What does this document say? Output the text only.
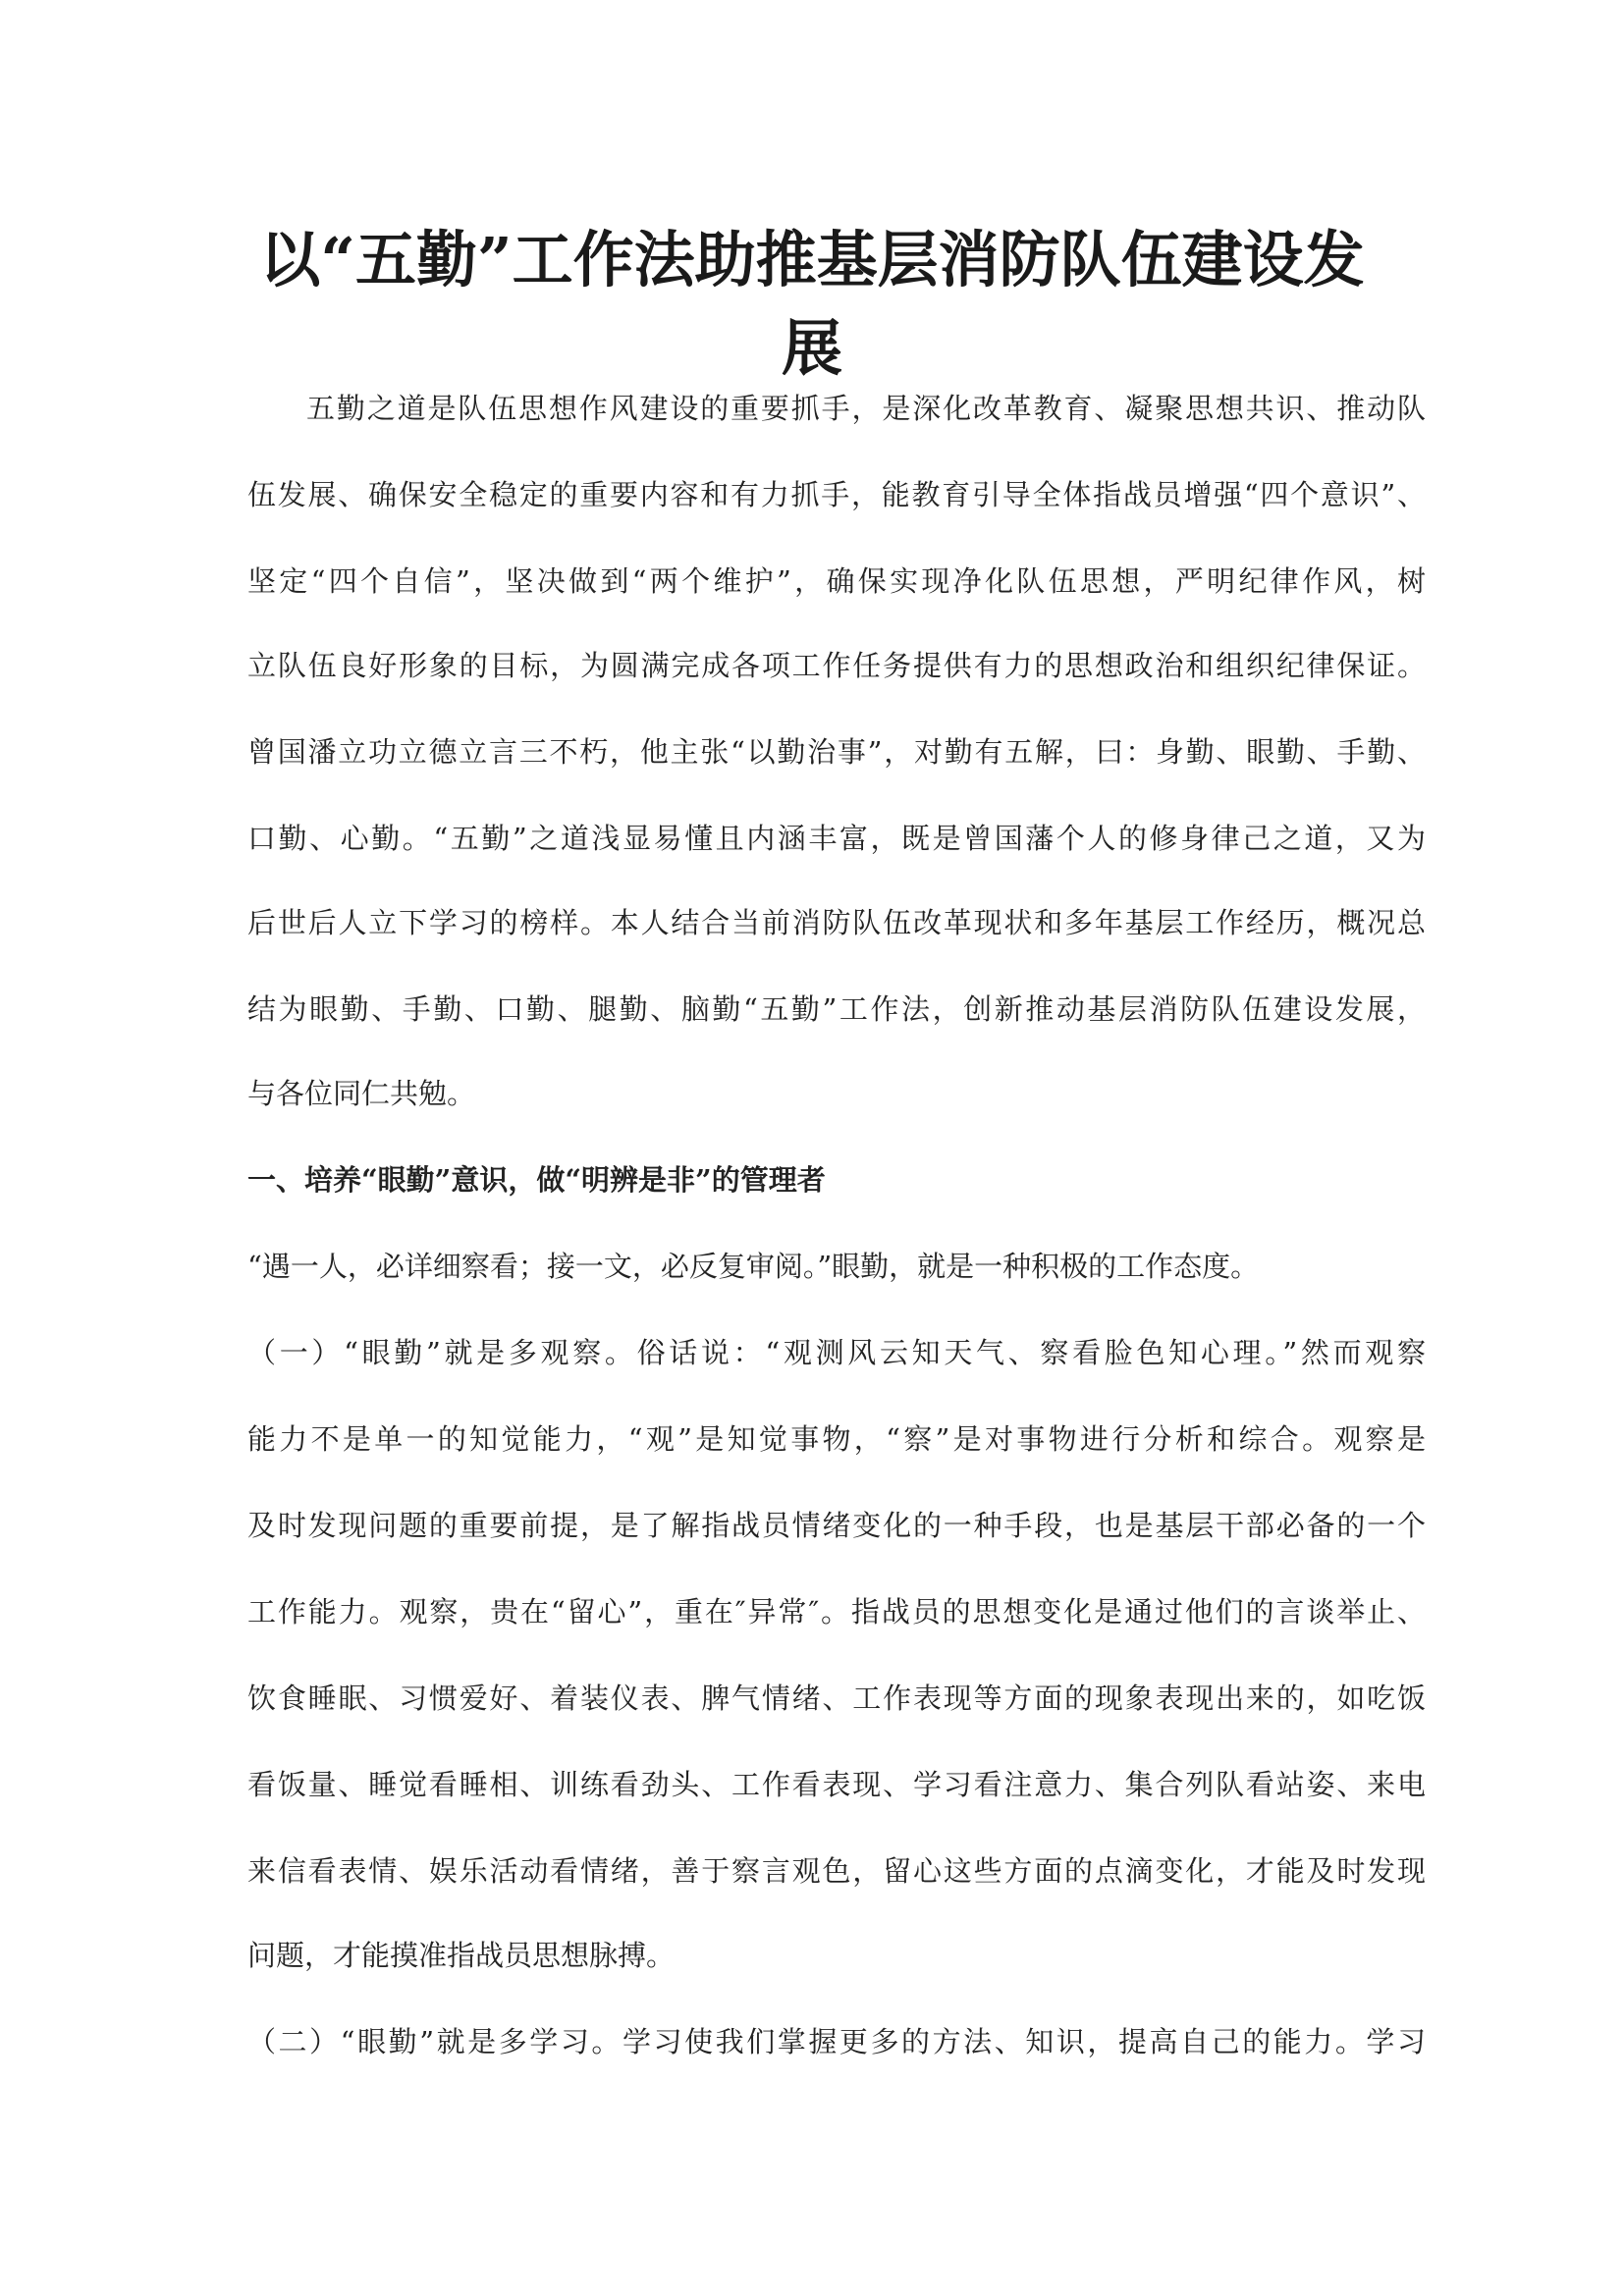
以“五勤”工作法助推基层消防队伍建设发
展
五勤之道是队伍思想作风建设的重要抓手，是深化改革教育、凝聚思想共识、推动队
伍发展、确保安全稳定的重要内容和有力抓手，能教育引导全体指战员增强“四个意识”、
坚定“四个自信”，坚决做到“两个维护”，确保实现净化队伍思想，严明纪律作风，树
立队伍良好形象的目标，为圆满完成各项工作任务提供有力的思想政治和组织纪律保证。
曾国潘立功立德立言三不朽，他主张“以勤治事”，对勤有五解，曰：身勤、眼勤、手勤、
口勤、心勤。“五勤”之道浅显易懂且内涵丰富，既是曾国藩个人的修身律己之道，又为
后世后人立下学习的榜样。本人结合当前消防队伍改革现状和多年基层工作经历，概况总
结为眼勤、手勤、口勤、腿勤、脑勤“五勤”工作法，创新推动基层消防队伍建设发展，
与各位同仁共勉。
一、培养“眼勤”意识，做“明辨是非”的管理者
“遇一人，必详细察看；接一文，必反复审阅。”眼勤，就是一种积极的工作态度。
（一）“眼勤”就是多观察。俗话说：“观测风云知天气、察看脸色知心理。”然而观察
能力不是单一的知觉能力，“观”是知觉事物，“察”是对事物进行分析和综合。观察是
及时发现问题的重要前提，是了解指战员情绪变化的一种手段，也是基层干部必备的一个
工作能力。观察，贵在“留心”，重在″异常″。指战员的思想变化是通过他们的言谈举止、
饮食睡眠、习惯爱好、着装仪表、脾气情绪、工作表现等方面的现象表现出来的，如吃饭
看饭量、睡觉看睡相、训练看劲头、工作看表现、学习看注意力、集合列队看站姿、来电
来信看表情、娱乐活动看情绪，善于察言观色，留心这些方面的点滴变化，才能及时发现
问题，才能摸准指战员思想脉搏。
（二）“眼勤”就是多学习。学习使我们掌握更多的方法、知识，提高自己的能力。学习
